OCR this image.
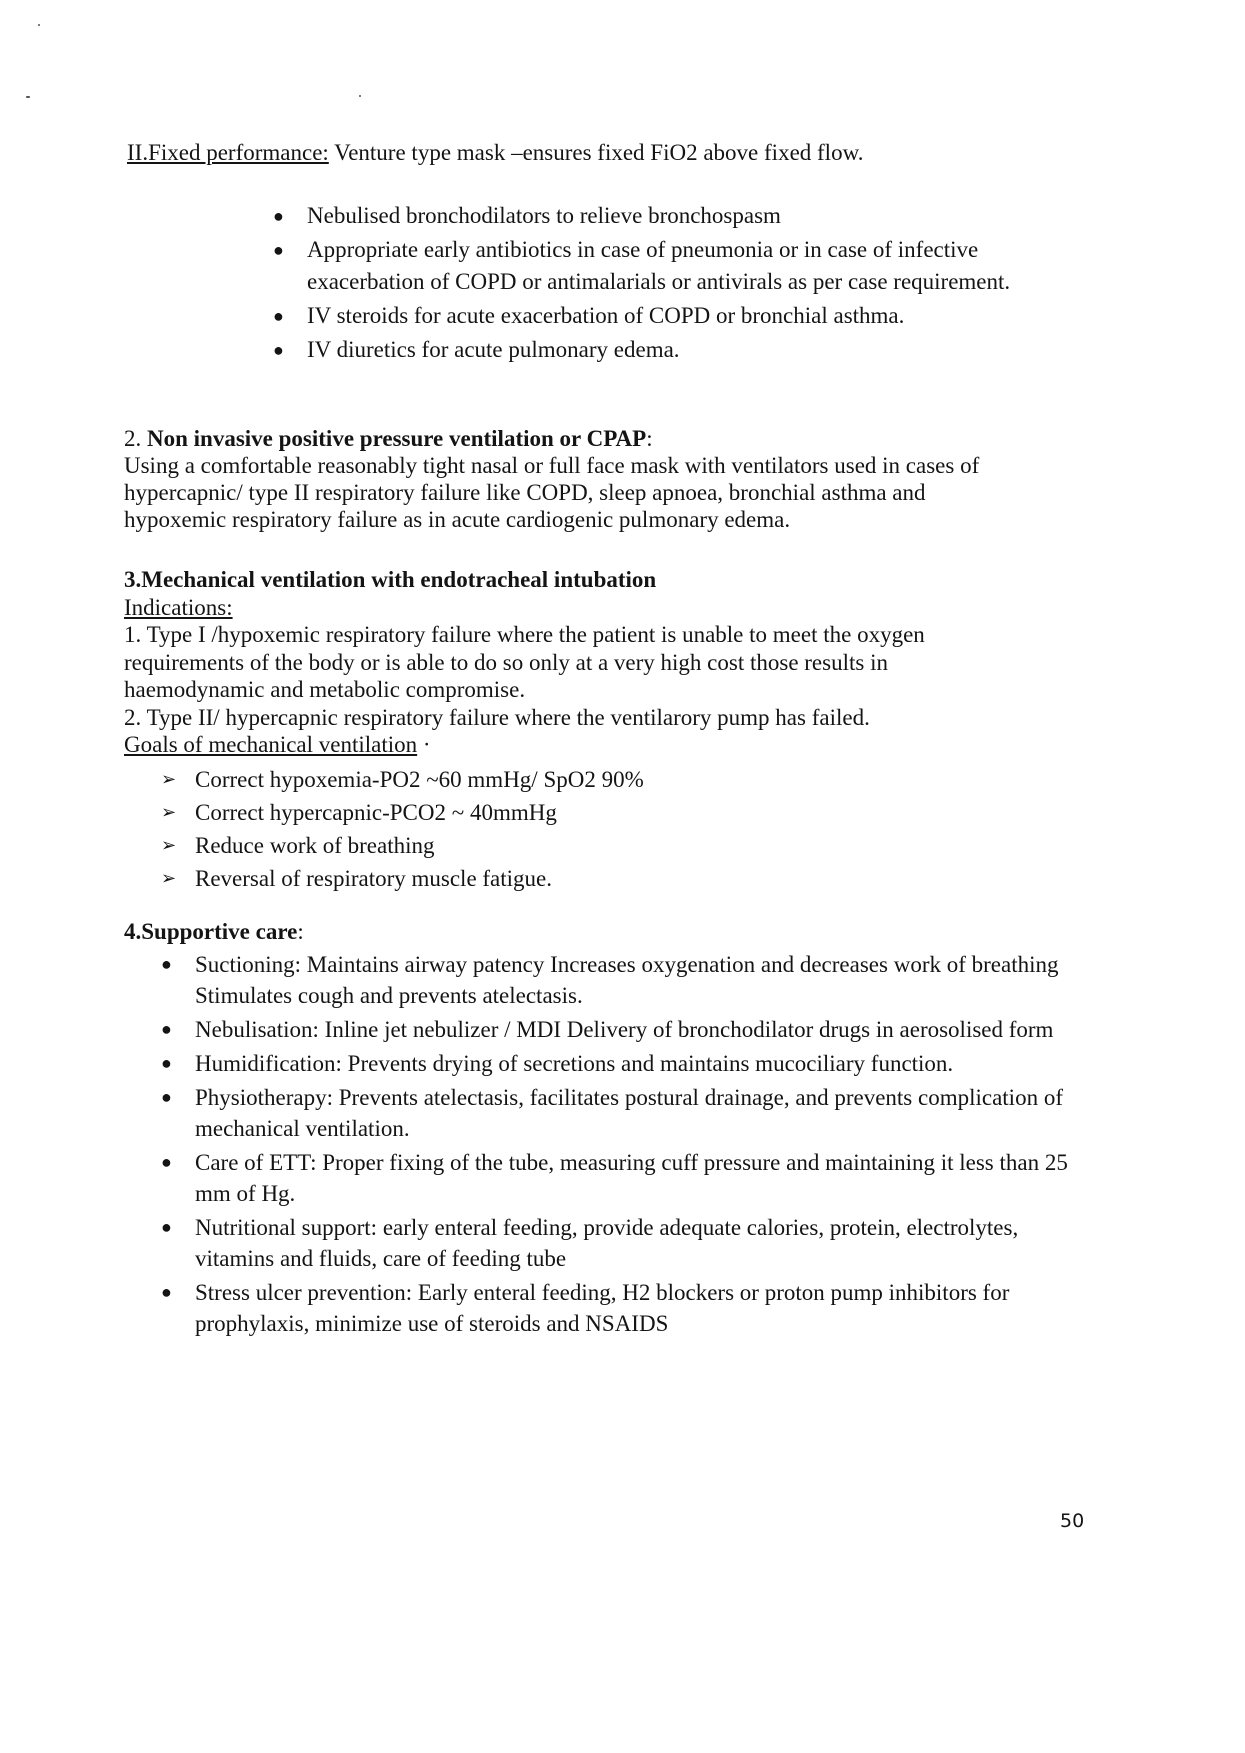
II.Fixed performance: Venture type mask –ensures fixed FiO2 above fixed flow.

●	Nebulised bronchodilators to relieve bronchospasm
●	Appropriate early antibiotics in case of pneumonia or in case of infective exacerbation of COPD or antimalarials or antivirals as per case requirement.
●	IV steroids for acute exacerbation of COPD or bronchial asthma.
●	IV diuretics for acute pulmonary edema.

2. Non invasive positive pressure ventilation or CPAP:

Using a comfortable reasonably tight nasal or full face mask with ventilators used in cases of

hypercapnic/ type II respiratory failure like COPD, sleep apnoea, bronchial asthma and

hypoxemic respiratory failure as in acute cardiogenic pulmonary edema.

3.Mechanical ventilation with endotracheal intubation

Indications:

1. Type I /hypoxemic respiratory failure where the patient is unable to meet the oxygen

requirements of the body or is able to do so only at a very high cost those results in

haemodynamic and metabolic compromise.

2. Type II/ hypercapnic respiratory failure where the ventilarory pump has failed.

Goals of mechanical ventilation ·

➢ Correct hypoxemia-PO2 ~60 mmHg/ SpO2 90%
➢ Correct hypercapnic-PCO2 ~ 40mmHg
➢ Reduce work of breathing
➢ Reversal of respiratory muscle fatigue.

4.Supportive care:

●	Suctioning: Maintains airway patency Increases oxygenation and decreases work of breathing Stimulates cough and prevents atelectasis.
●	Nebulisation: Inline jet nebulizer / MDI Delivery of bronchodilator drugs in aerosolised form
●	Humidification: Prevents drying of secretions and maintains mucociliary function.
●	Physiotherapy: Prevents atelectasis, facilitates postural drainage, and prevents complication of mechanical ventilation.
●	Care of ETT: Proper fixing of the tube, measuring cuff pressure and maintaining it less than 25 mm of Hg.
●	Nutritional support: early enteral feeding, provide adequate calories, protein, electrolytes, vitamins and fluids, care of feeding tube
●	Stress ulcer prevention: Early enteral feeding, H2 blockers or proton pump inhibitors for prophylaxis, minimize use of steroids and NSAIDS
50
